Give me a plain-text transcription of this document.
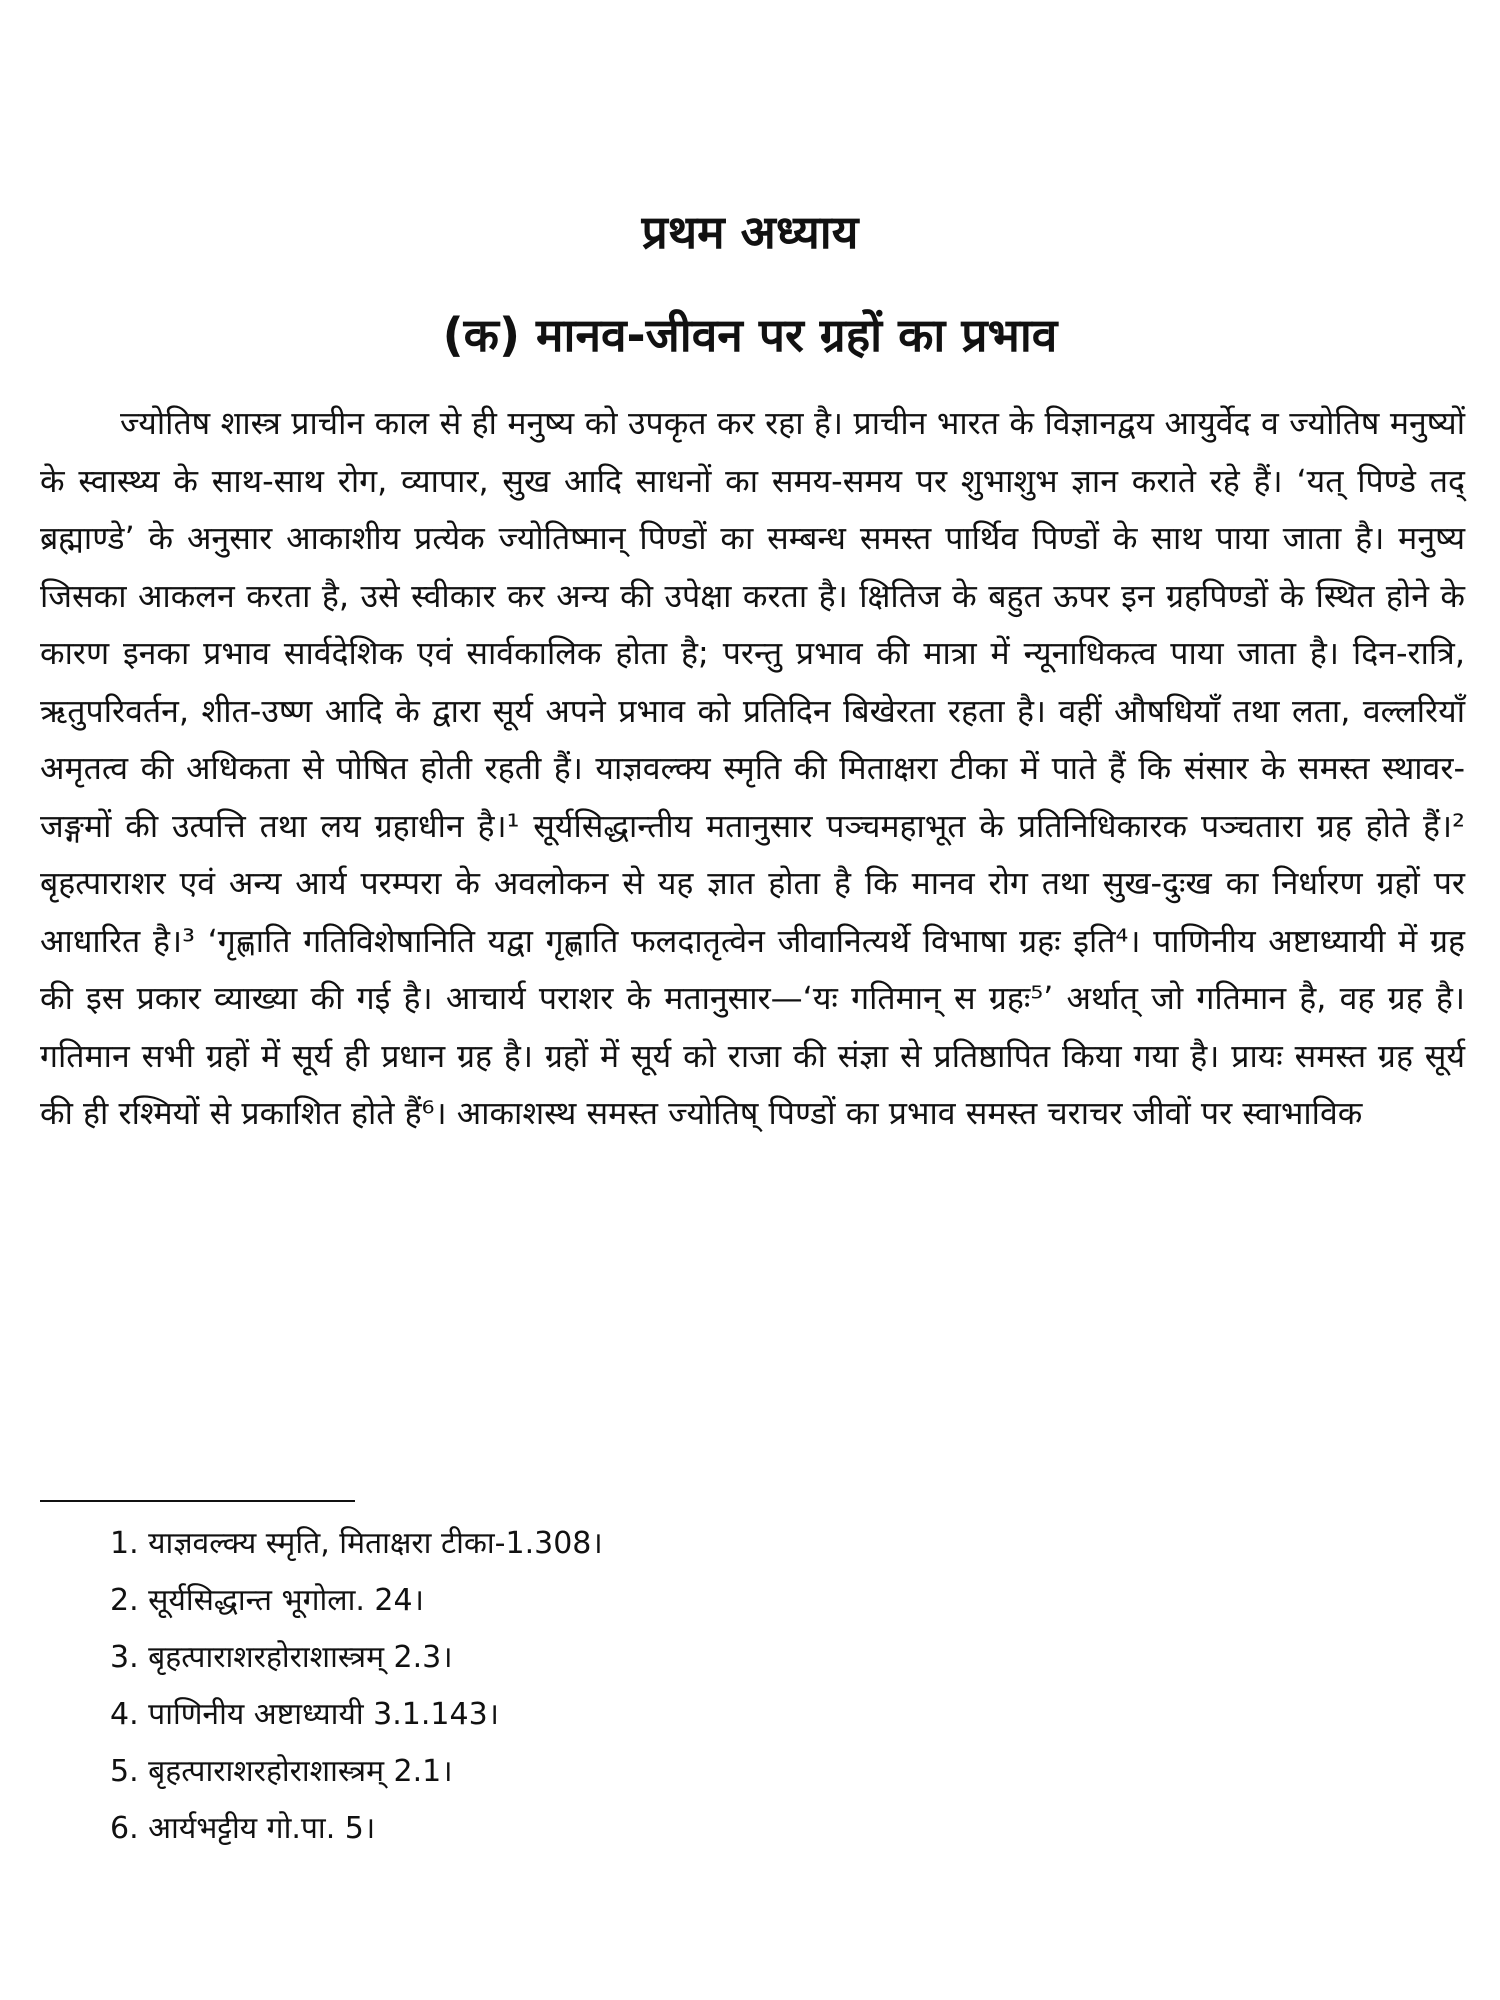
प्रथम अध्याय
(क) मानव-जीवन पर ग्रहों का प्रभाव

ज्योतिष शास्त्र प्राचीन काल से ही मनुष्य को उपकृत कर रहा है। प्राचीन भारत के विज्ञानद्वय आयुर्वेद व ज्योतिष मनुष्यों के स्वास्थ्य के साथ-साथ रोग, व्यापार, सुख आदि साधनों का समय-समय पर शुभाशुभ ज्ञान कराते रहे हैं। ‘यत् पिण्डे तद् ब्रह्माण्डे’ के अनुसार आकाशीय प्रत्येक ज्योतिष्मान् पिण्डों का सम्बन्ध समस्त पार्थिव पिण्डों के साथ पाया जाता है। मनुष्य जिसका आकलन करता है, उसे स्वीकार कर अन्य की उपेक्षा करता है। क्षितिज के बहुत ऊपर इन ग्रहपिण्डों के स्थित होने के कारण इनका प्रभाव सार्वदेशिक एवं सार्वकालिक होता है; परन्तु प्रभाव की मात्रा में न्यूनाधिकत्व पाया जाता है। दिन-रात्रि, ऋतुपरिवर्तन, शीत-उष्ण आदि के द्वारा सूर्य अपने प्रभाव को प्रतिदिन बिखेरता रहता है। वहीं औषधियाँ तथा लता, वल्लरियाँ अमृतत्व की अधिकता से पोषित होती रहती हैं। याज्ञवल्क्य स्मृति की मिताक्षरा टीका में पाते हैं कि संसार के समस्त स्थावर-जङ्गमों की उत्पत्ति तथा लय ग्रहाधीन है।¹ सूर्यसिद्धान्तीय मतानुसार पञ्चमहाभूत के प्रतिनिधिकारक पञ्चतारा ग्रह होते हैं।² बृहत्पाराशर एवं अन्य आर्य परम्परा के अवलोकन से यह ज्ञात होता है कि मानव रोग तथा सुख-दुःख का निर्धारण ग्रहों पर आधारित है।³ ‘गृह्णाति गतिविशेषानिति यद्वा गृह्णाति फलदातृत्वेन जीवानित्यर्थे विभाषा ग्रहः इति⁴। पाणिनीय अष्टाध्यायी में ग्रह की इस प्रकार व्याख्या की गई है। आचार्य पराशर के मतानुसार—‘यः गतिमान् स ग्रहः⁵’ अर्थात् जो गतिमान है, वह ग्रह है। गतिमान सभी ग्रहों में सूर्य ही प्रधान ग्रह है। ग्रहों में सूर्य को राजा की संज्ञा से प्रतिष्ठापित किया गया है। प्रायः समस्त ग्रह सूर्य की ही रश्मियों से प्रकाशित होते हैं⁶। आकाशस्थ समस्त ज्योतिष् पिण्डों का प्रभाव समस्त चराचर जीवों पर स्वाभाविक

1. याज्ञवल्क्य स्मृति, मिताक्षरा टीका-1.308।
2. सूर्यसिद्धान्त भूगोला. 24।
3. बृहत्पाराशरहोराशास्त्रम् 2.3।
4. पाणिनीय अष्टाध्यायी 3.1.143।
5. बृहत्पाराशरहोराशास्त्रम् 2.1।
6. आर्यभट्टीय गो.पा. 5।
